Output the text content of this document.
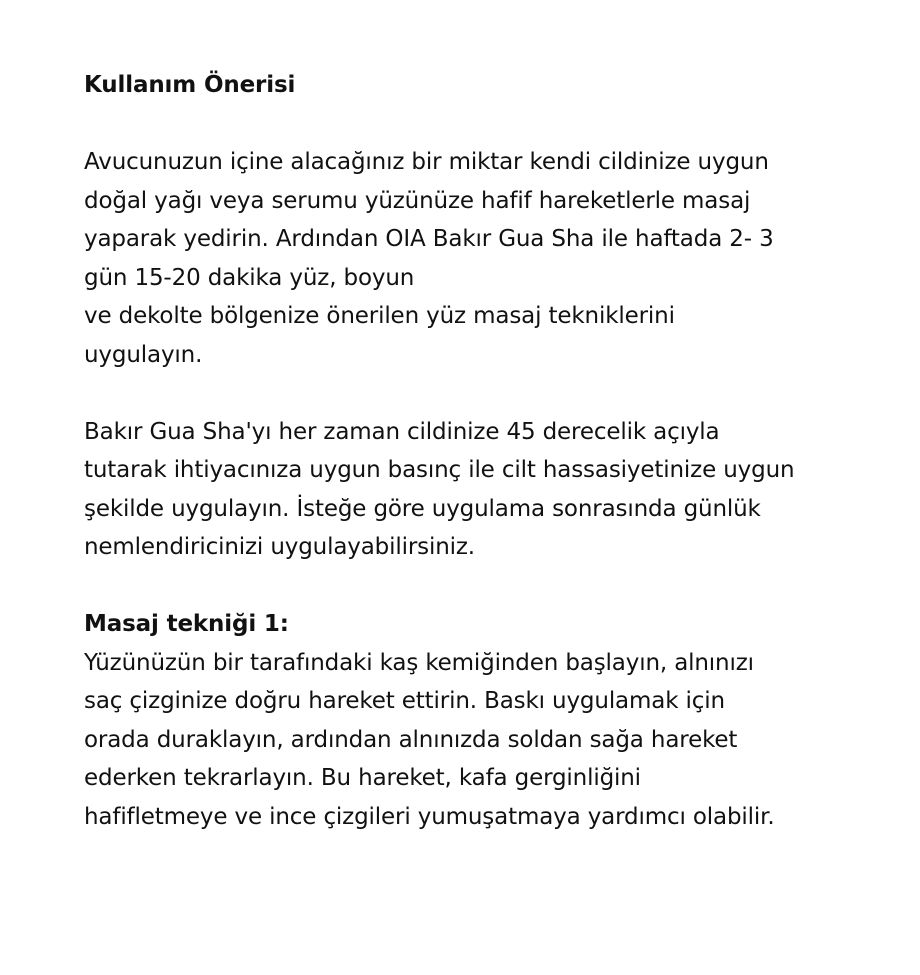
Kullanım Önerisi

Avucunuzun içine alacağınız bir miktar kendi cildinize uygun

doğal yağı veya serumu yüzünüze hafif hareketlerle masaj

yaparak yedirin. Ardından OIA Bakır Gua Sha ile haftada 2- 3

gün 15-20 dakika yüz, boyun

ve dekolte bölgenize önerilen yüz masaj tekniklerini

uygulayın.

Bakır Gua Sha'yı her zaman cildinize 45 derecelik açıyla

tutarak ihtiyacınıza uygun basınç ile cilt hassasiyetinize uygun

şekilde uygulayın. İsteğe göre uygulama sonrasında günlük

nemlendiricinizi uygulayabilirsiniz.

Masaj tekniği 1:

Yüzünüzün bir tarafındaki kaş kemiğinden başlayın, alnınızı

saç çizginize doğru hareket ettirin. Baskı uygulamak için

orada duraklayın, ardından alnınızda soldan sağa hareket

ederken tekrarlayın. Bu hareket, kafa gerginliğini

hafifletmeye ve ince çizgileri yumuşatmaya yardımcı olabilir.
